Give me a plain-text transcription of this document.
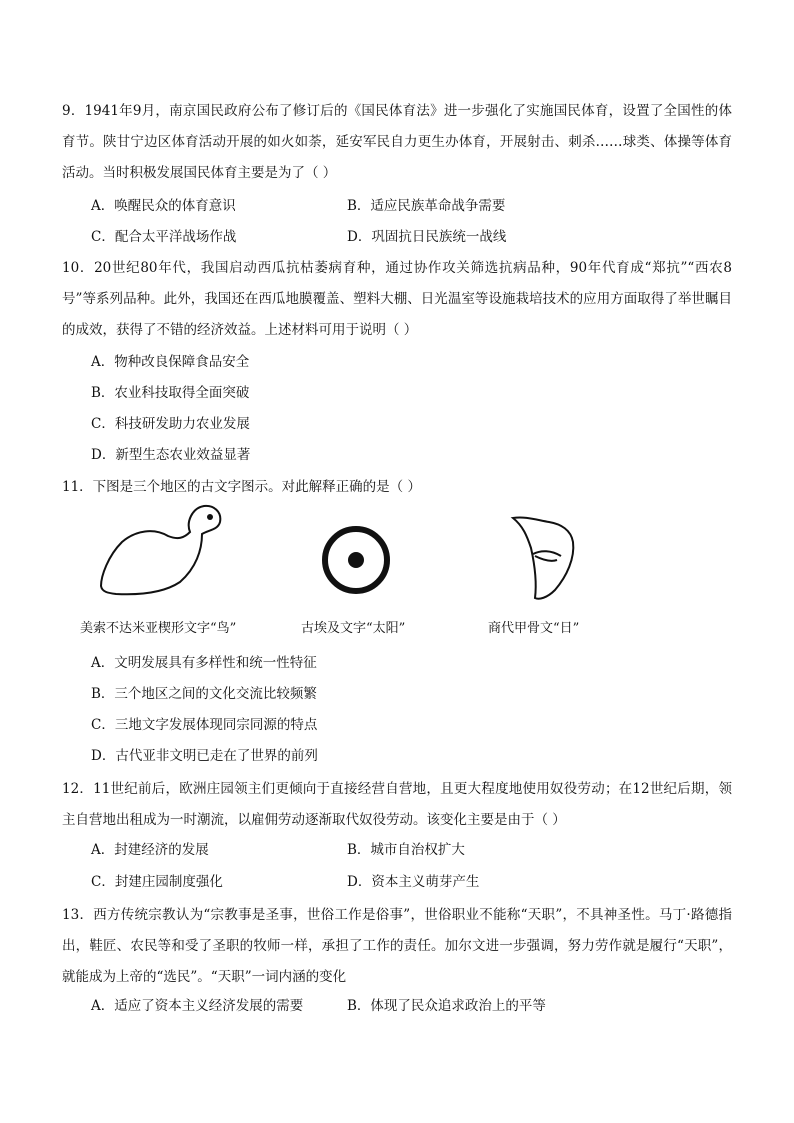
9．1941年9月，南京国民政府公布了修订后的《国民体育法》进一步强化了实施国民体育，设置了全国性的体育节。陕甘宁边区体育活动开展的如火如荼，延安军民自力更生办体育，开展射击、刺杀……球类、体操等体育活动。当时积极发展国民体育主要是为了（ ）
A．唤醒民众的体育意识	B．适应民族革命战争需要
C．配合太平洋战场作战	D．巩固抗日民族统一战线
10．20世纪80年代，我国启动西瓜抗枯萎病育种，通过协作攻关筛选抗病品种，90年代育成“郑抗”“西农8号”等系列品种。此外，我国还在西瓜地膜覆盖、塑料大棚、日光温室等设施栽培技术的应用方面取得了举世瞩目的成效，获得了不错的经济效益。上述材料可用于说明（ ）
A．物种改良保障食品安全
B．农业科技取得全面突破
C．科技研发助力农业发展
D．新型生态农业效益显著
11．下图是三个地区的古文字图示。对此解释正确的是（ ）
美索不达米亚楔形文字“鸟”	古埃及文字“太阳”	商代甲骨文“日”
A．文明发展具有多样性和统一性特征
B．三个地区之间的文化交流比较频繁
C．三地文字发展体现同宗同源的特点
D．古代亚非文明已走在了世界的前列
12．11世纪前后，欧洲庄园领主们更倾向于直接经营自营地，且更大程度地使用奴役劳动；在12世纪后期，领主自营地出租成为一时潮流，以雇佣劳动逐渐取代奴役劳动。该变化主要是由于（ ）
A．封建经济的发展	B．城市自治权扩大
C．封建庄园制度强化	D．资本主义萌芽产生
13．西方传统宗教认为“宗教事是圣事，世俗工作是俗事”，世俗职业不能称“天职”，不具神圣性。马丁·路德指出，鞋匠、农民等和受了圣职的牧师一样，承担了工作的责任。加尔文进一步强调，努力劳作就是履行“天职”，就能成为上帝的“选民”。“天职”一词内涵的变化
A．适应了资本主义经济发展的需要	B．体现了民众追求政治上的平等
